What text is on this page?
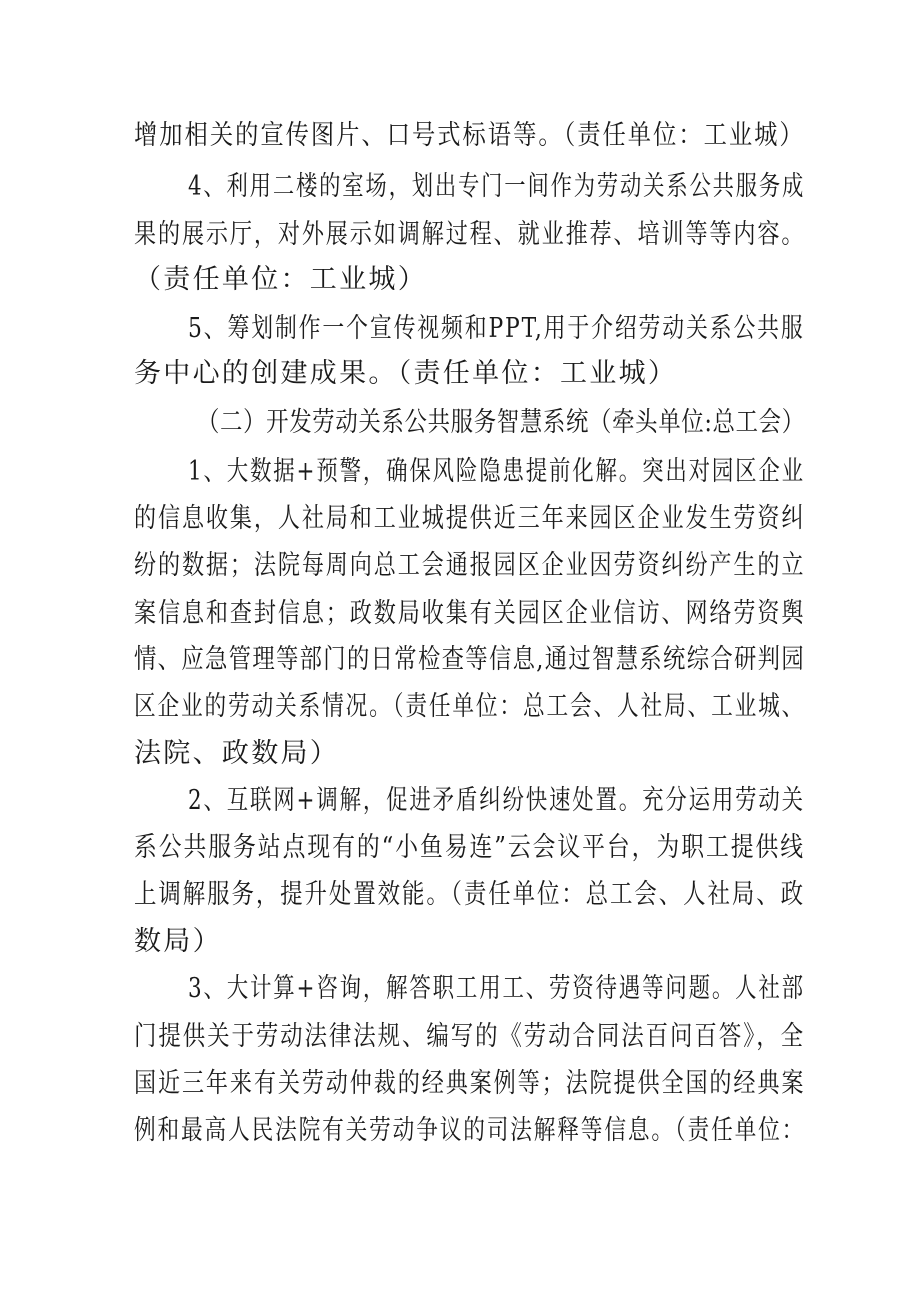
增加相关的宣传图片、口号式标语等。（责任单位：工业城）
4、利用二楼的室场，划出专门一间作为劳动关系公共服务成
果的展示厅，对外展示如调解过程、就业推荐、培训等等内容。
（责任单位：工业城）
5、筹划制作一个宣传视频和PPT,用于介绍劳动关系公共服
务中心的创建成果。（责任单位：工业城）
（二）开发劳动关系公共服务智慧系统（牵头单位:总工会）
1、大数据+预警，确保风险隐患提前化解。突出对园区企业
的信息收集，人社局和工业城提供近三年来园区企业发生劳资纠
纷的数据；法院每周向总工会通报园区企业因劳资纠纷产生的立
案信息和查封信息；政数局收集有关园区企业信访、网络劳资舆
情、应急管理等部门的日常检查等信息,通过智慧系统综合研判园
区企业的劳动关系情况。（责任单位：总工会、人社局、工业城、
法院、政数局）
2、互联网+调解，促进矛盾纠纷快速处置。充分运用劳动关
系公共服务站点现有的“小鱼易连”云会议平台，为职工提供线
上调解服务，提升处置效能。（责任单位：总工会、人社局、政
数局）
3、大计算+咨询，解答职工用工、劳资待遇等问题。人社部
门提供关于劳动法律法规、编写的《劳动合同法百问百答》，全
国近三年来有关劳动仲裁的经典案例等；法院提供全国的经典案
例和最高人民法院有关劳动争议的司法解释等信息。（责任单位：
